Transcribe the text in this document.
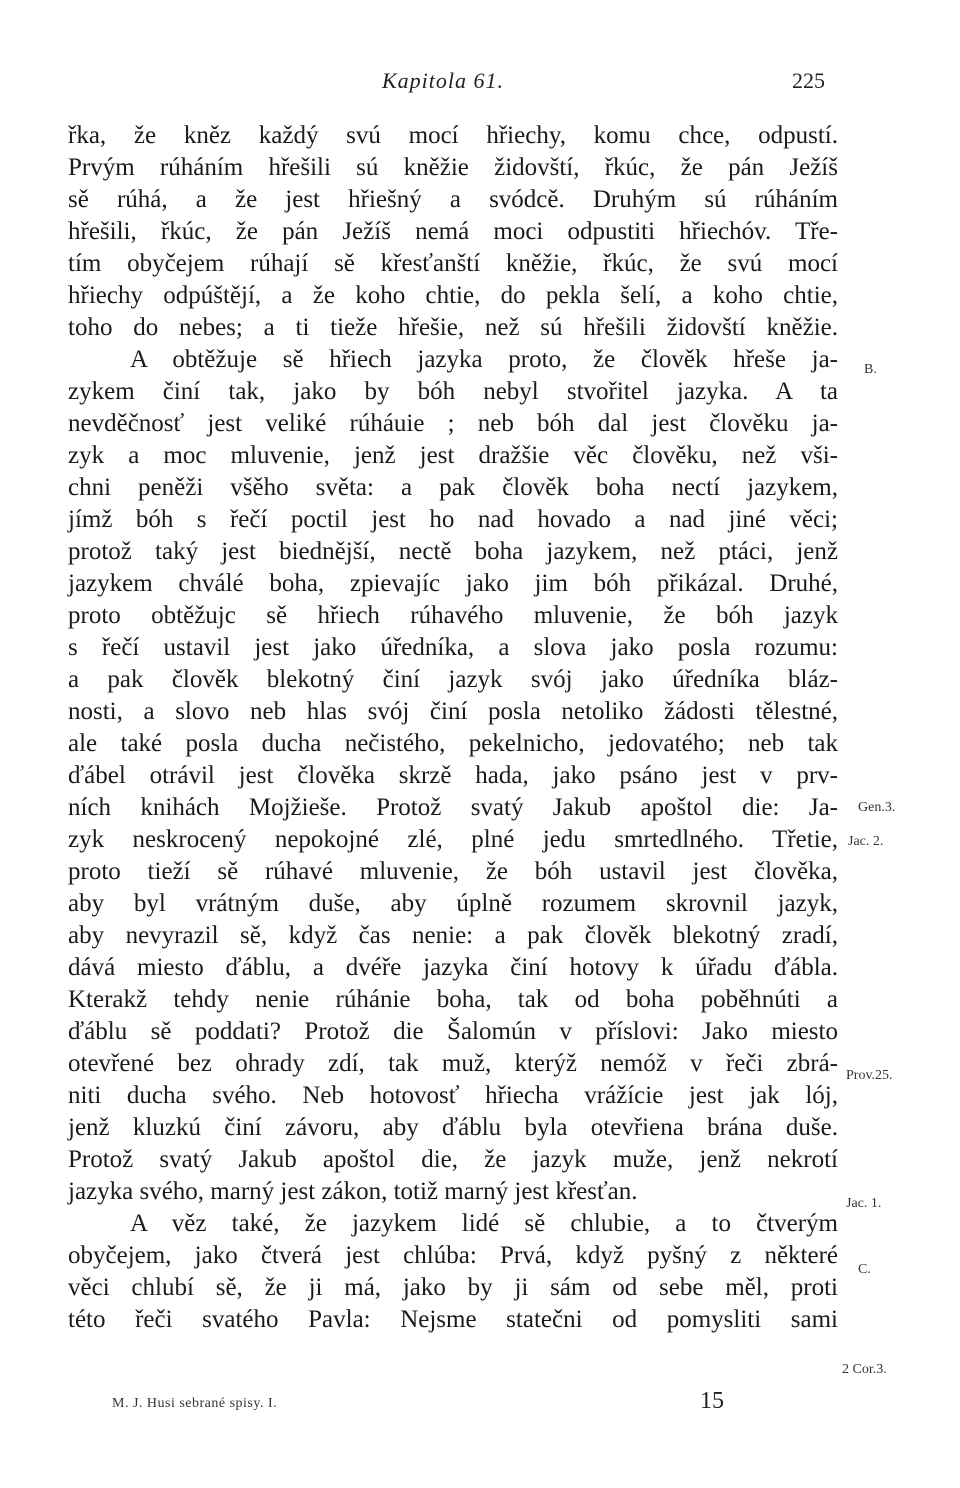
Kapitola 61.	225
řka, že kněz každý svú mocí hřiechy, komu chce, odpustí.
Prvým rúháním hřešili sú kněžie židovští, řkúc, že pán Ježíš
sě rúhá, a že jest hřiešný a svódcě. Druhým sú rúháním
hřešili, řkúc, že pán Ježíš nemá moci odpustiti hřiechóv. Tře-
tím obyčejem rúhají sě křesťanští kněžie, řkúc, že svú mocí
hřiechy odpúštějí, a že koho chtie, do pekla šelí, a koho chtie,
toho do nebes; a ti tieže hřešie, než sú hřešili židovští kněžie.
A obtěžuje sě hřiech jazyka proto, že člověk hřeše ja-
zykem činí tak, jako by bóh nebyl stvořitel jazyka. A ta
nevděčnosť jest veliké rúháuie ; neb bóh dal jest člověku ja-
zyk a moc mluvenie, jenž jest dražšie věc člověku, než vši-
chni peněži všěho světa: a pak člověk boha nectí jazykem,
jímž bóh s řečí poctil jest ho nad hovado a nad jiné věci;
protož taký jest biednější, nectě boha jazykem, než ptáci, jenž
jazykem chválé boha, zpievajíc jako jim bóh přikázal. Druhé,
proto obtěžujc sě hřiech rúhavého mluvenie, že bóh jazyk
s řečí ustavil jest jako úředníka, a slova jako posla rozumu:
a pak člověk blekotný činí jazyk svój jako úředníka bláz-
nosti, a slovo neb hlas svój činí posla netoliko žádosti tělestné,
ale také posla ducha nečistého, pekelnicho, jedovatého; neb tak
ďábel otrávil jest člověka skrzě hada, jako psáno jest v prv-
ních knihách Mojžieše. Protož svatý Jakub apoštol die: Ja-
zyk neskrocený nepokojné zlé, plné jedu smrtedlného. Třetie,
proto tieží sě rúhavé mluvenie, že bóh ustavil jest člověka,
aby byl vrátným duše, aby úplně rozumem skrovnil jazyk,
aby nevyrazil sě, když čas nenie: a pak člověk blekotný zradí,
dává miesto ďáblu, a dvéře jazyka činí hotovy k úřadu ďábla.
Kterakž tehdy nenie rúhánie boha, tak od boha poběhnúti a
ďáblu sě poddati? Protož die Šalomún v příslovi: Jako miesto
otevřené bez ohrady zdí, tak muž, kterýž nemóž v řeči zbrá-
niti ducha svého. Neb hotovosť hřiecha vrážície jest jak lój,
jenž kluzkú činí závoru, aby ďáblu byla otevřiena brána duše.
Protož svatý Jakub apoštol die, že jazyk muže, jenž nekrotí
jazyka svého, marný jest zákon, totiž marný jest křesťan.
A věz také, že jazykem lidé sě chlubie, a to čtverým
obyčejem, jako čtverá jest chlúba: Prvá, když pyšný z některé
věci chlubí sě, že ji má, jako by ji sám od sebe měl, proti
této řeči svatého Pavla: Nejsme statečni od pomysliti sami
B.
Gen.3.
Jac. 2.
Prov.25.
Jac. 1.
C.
2 Cor.3.
M. J. Husi sebrané spisy. I.	15
